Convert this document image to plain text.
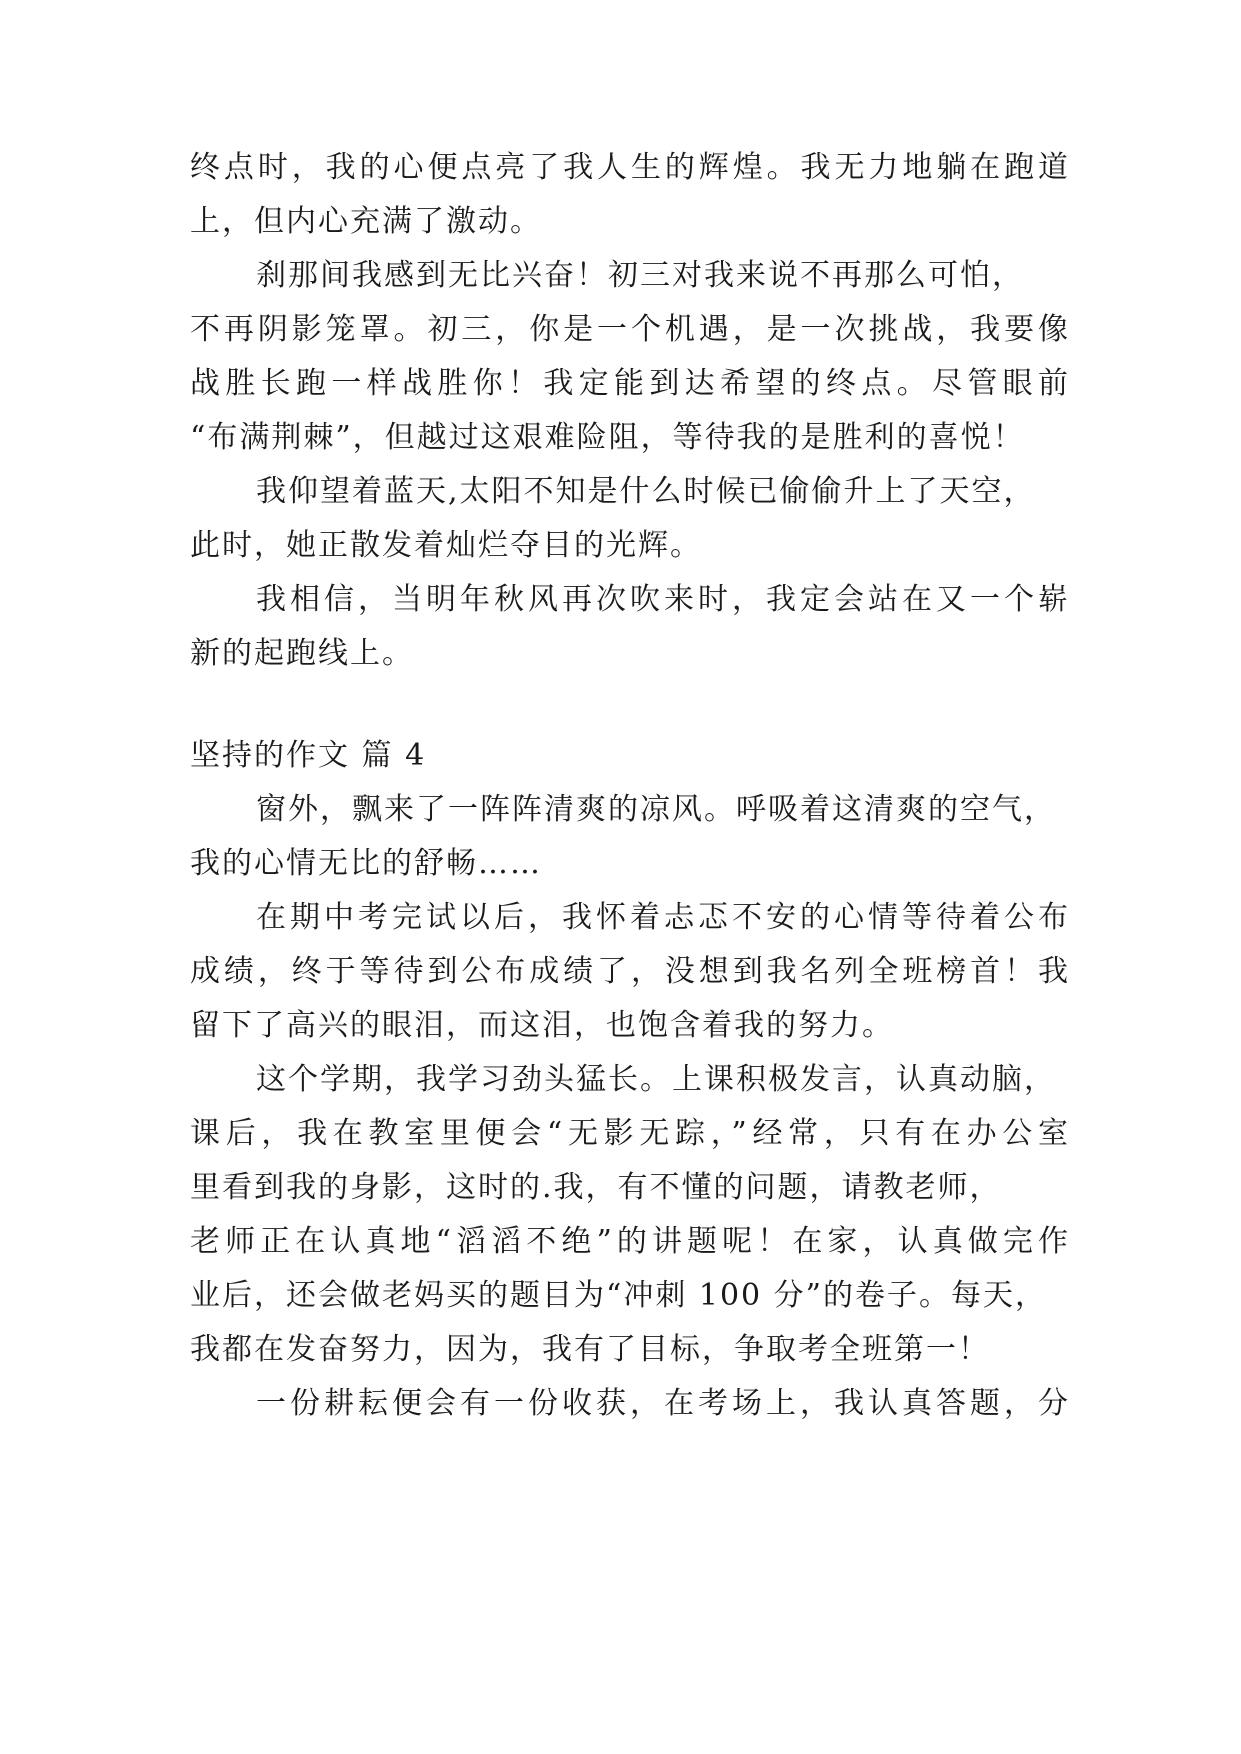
终点时，我的心便点亮了我人生的辉煌。我无力地躺在跑道
上，但内心充满了激动。
刹那间我感到无比兴奋！初三对我来说不再那么可怕，
不再阴影笼罩。初三，你是一个机遇，是一次挑战，我要像
战胜长跑一样战胜你！我定能到达希望的终点。尽管眼前
“布满荆棘”，但越过这艰难险阻，等待我的是胜利的喜悦！
我仰望着蓝天,太阳不知是什么时候已偷偷升上了天空，
此时，她正散发着灿烂夺目的光辉。
我相信，当明年秋风再次吹来时，我定会站在又一个崭
新的起跑线上。
坚持的作文 篇 4
窗外，飘来了一阵阵清爽的凉风。呼吸着这清爽的空气，
我的心情无比的舒畅……
在期中考完试以后，我怀着忐忑不安的心情等待着公布
成绩，终于等待到公布成绩了，没想到我名列全班榜首！我
留下了高兴的眼泪，而这泪，也饱含着我的努力。
这个学期，我学习劲头猛长。上课积极发言，认真动脑，
课后，我在教室里便会“无影无踪，”经常，只有在办公室
里看到我的身影，这时的.我，有不懂的问题，请教老师，
老师正在认真地“滔滔不绝”的讲题呢！在家，认真做完作
业后，还会做老妈买的题目为“冲刺 100 分”的卷子。每天，
我都在发奋努力，因为，我有了目标，争取考全班第一！
一份耕耘便会有一份收获，在考场上，我认真答题，分
